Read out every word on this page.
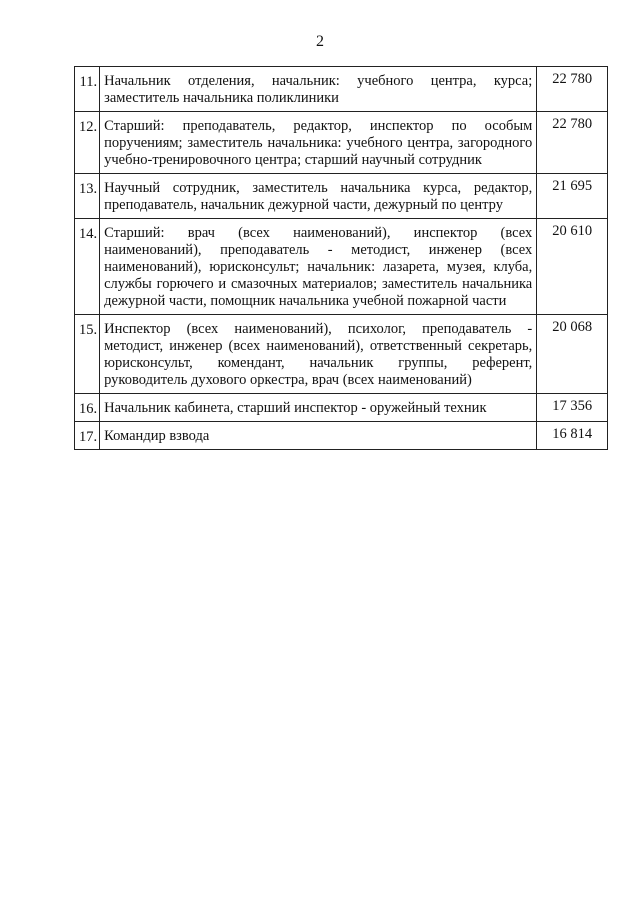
2
11.	Начальник отделения, начальник: учебного центра, курса; заместитель начальника поликлиники	22 780
12.	Старший: преподаватель, редактор, инспектор по особым поручениям; заместитель начальника: учебного центра, загородного учебно-тренировочного центра; старший научный сотрудник	22 780
13.	Научный сотрудник, заместитель начальника курса, редактор, преподаватель, начальник дежурной части, дежурный по центру	21 695
14.	Старший: врач (всех наименований), инспектор (всех наименований), преподаватель - методист, инженер (всех наименований), юрисконсульт; начальник: лазарета, музея, клуба, службы горючего и смазочных материалов; заместитель начальника дежурной части, помощник начальника учебной пожарной части	20 610
15.	Инспектор (всех наименований), психолог, преподаватель - методист, инженер (всех наименований), ответственный секретарь, юрисконсульт, комендант, начальник группы, референт, руководитель духового оркестра, врач (всех наименований)	20 068
16.	Начальник кабинета, старший инспектор - оружейный техник	17 356
17.	Командир взвода	16 814
